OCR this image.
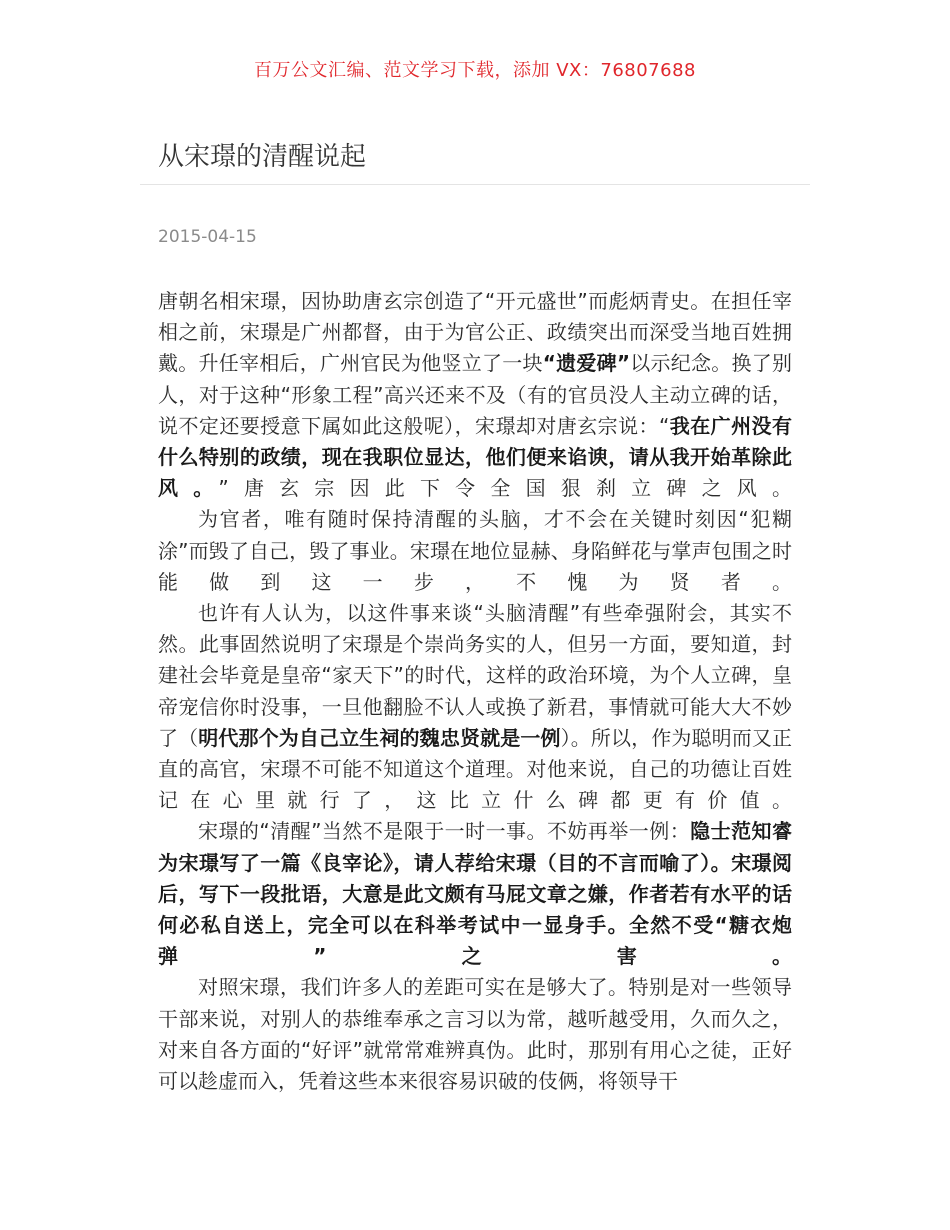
百万公文汇编、范文学习下载，添加 VX：76807688
从宋璟的清醒说起
2015-04-15

唐朝名相宋璟，因协助唐玄宗创造了“开元盛世”而彪炳青史。在担任宰相之前，宋璟是广州都督，由于为官公正、政绩突出而深受当地百姓拥戴。升任宰相后，广州官民为他竖立了一块“遗爱碑”以示纪念。换了别人，对于这种“形象工程”高兴还来不及（有的官员没人主动立碑的话，说不定还要授意下属如此这般呢），宋璟却对唐玄宗说：“我在广州没有什么特别的政绩，现在我职位显达，他们便来谄谀，请从我开始革除此风。”唐玄宗因此下令全国狠刹立碑之风。

为官者，唯有随时保持清醒的头脑，才不会在关键时刻因“犯糊涂”而毁了自己，毁了事业。宋璟在地位显赫、身陷鲜花与掌声包围之时能做到这一步，不愧为贤者。

也许有人认为，以这件事来谈“头脑清醒”有些牵强附会，其实不然。此事固然说明了宋璟是个崇尚务实的人，但另一方面，要知道，封建社会毕竟是皇帝“家天下”的时代，这样的政治环境，为个人立碑，皇帝宠信你时没事，一旦他翻脸不认人或换了新君，事情就可能大大不妙了（明代那个为自己立生祠的魏忠贤就是一例）。所以，作为聪明而又正直的高官，宋璟不可能不知道这个道理。对他来说，自己的功德让百姓记在心里就行了，这比立什么碑都更有价值。

宋璟的“清醒”当然不是限于一时一事。不妨再举一例：隐士范知睿为宋璟写了一篇《良宰论》，请人荐给宋璟（目的不言而喻了）。宋璟阅后，写下一段批语，大意是此文颇有马屁文章之嫌，作者若有水平的话何必私自送上，完全可以在科举考试中一显身手。全然不受“糖衣炮弹”之害。

对照宋璟，我们许多人的差距可实在是够大了。特别是对一些领导干部来说，对别人的恭维奉承之言习以为常，越听越受用，久而久之，对来自各方面的“好评”就常常难辨真伪。此时，那别有用心之徒，正好可以趁虚而入，凭着这些本来很容易识破的伎俩，将领导干
